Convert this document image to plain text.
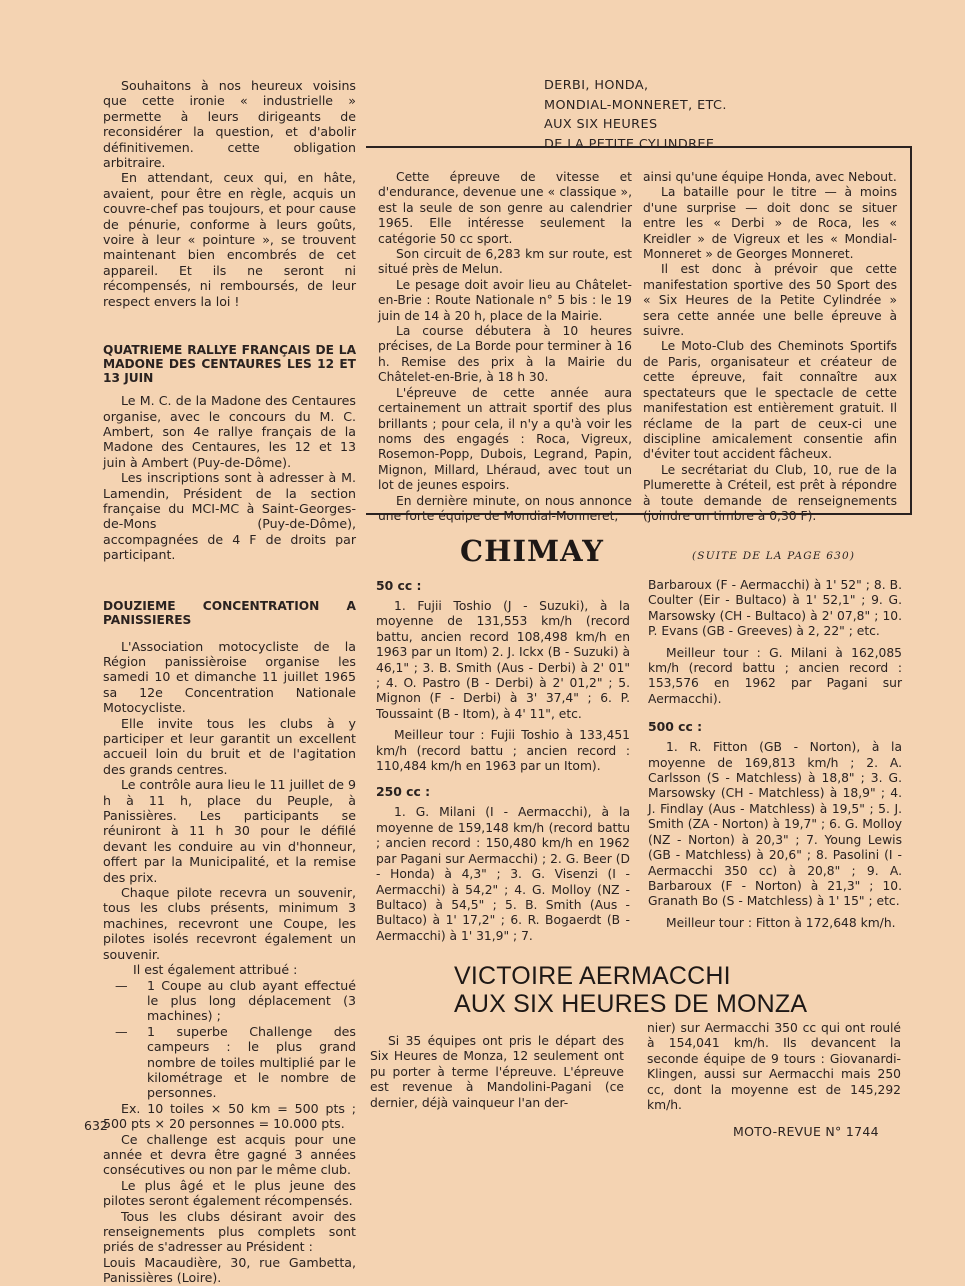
Souhaitons à nos heureux voisins que cette ironie « industrielle » permette à leurs dirigeants de reconsidérer la question, et d'abolir définitivemen. cette obligation arbitraire.

En attendant, ceux qui, en hâte, avaient, pour être en règle, acquis un couvre-chef pas toujours, et pour cause de pénurie, conforme à leurs goûts, voire à leur « pointure », se trouvent maintenant bien encombrés de cet appareil. Et ils ne seront ni récompensés, ni remboursés, de leur respect envers la loi !

QUATRIEME RALLYE FRANÇAIS DE LA MADONE DES CENTAURES LES 12 ET 13 JUIN

Le M. C. de la Madone des Centaures organise, avec le concours du M. C. Ambert, son 4e rallye français de la Madone des Centaures, les 12 et 13 juin à Ambert (Puy-de-Dôme).

Les inscriptions sont à adresser à M. Lamendin, Président de la section française du MCI-MC à Saint-Georges-de-Mons (Puy-de-Dôme), accompagnées de 4 F de droits par participant.

DOUZIEME CONCENTRATION A PANISSIERES

L'Association motocycliste de la Région panissièroise organise les samedi 10 et dimanche 11 juillet 1965 sa 12e Concentration Nationale Motocycliste.

Elle invite tous les clubs à y participer et leur garantit un excellent accueil loin du bruit et de l'agitation des grands centres.

Le contrôle aura lieu le 11 juillet de 9 h à 11 h, place du Peuple, à Panissières. Les participants se réuniront à 11 h 30 pour le défilé devant les conduire au vin d'honneur, offert par la Municipalité, et la remise des prix.

Chaque pilote recevra un souvenir, tous les clubs présents, minimum 3 machines, recevront une Coupe, les pilotes isolés recevront également un souvenir.

Il est également attribué :

— 1 Coupe au club ayant effectué le plus long déplacement (3 machines) ;
— 1 superbe Challenge des campeurs : le plus grand nombre de toiles multiplié par le kilométrage et le nombre de personnes.

Ex. 10 toiles × 50 km = 500 pts ; 500 pts × 20 personnes = 10.000 pts.

Ce challenge est acquis pour une année et devra être gagné 3 années consécutives ou non par le même club.

Le plus âgé et le plus jeune des pilotes seront également récompensés.

Tous les clubs désirant avoir des renseignements plus complets sont priés de s'adresser au Président :

Louis Macaudière, 30, rue Gambetta, Panissières (Loire).

DERBI, HONDA,
MONDIAL-MONNERET, ETC.
AUX SIX HEURES
DE LA PETITE CYLINDREE

Cette épreuve de vitesse et d'endurance, devenue une « classique », est la seule de son genre au calendrier 1965. Elle intéresse seulement la catégorie 50 cc sport.

Son circuit de 6,283 km sur route, est situé près de Melun.

Le pesage doit avoir lieu au Châtelet-en-Brie : Route Nationale n° 5 bis : le 19 juin de 14 à 20 h, place de la Mairie.

La course débutera à 10 heures précises, de La Borde pour terminer à 16 h. Remise des prix à la Mairie du Châtelet-en-Brie, à 18 h 30.

L'épreuve de cette année aura certainement un attrait sportif des plus brillants ; pour cela, il n'y a qu'à voir les noms des engagés : Roca, Vigreux, Rosemon-Popp, Dubois, Legrand, Papin, Mignon, Millard, Lhéraud, avec tout un lot de jeunes espoirs.

En dernière minute, on nous annonce une forte équipe de Mondial-Monneret,

ainsi qu'une équipe Honda, avec Nebout.

La bataille pour le titre — à moins d'une surprise — doit donc se situer entre les « Derbi » de Roca, les « Kreidler » de Vigreux et les « Mondial-Monneret » de Georges Monneret.

Il est donc à prévoir que cette manifestation sportive des 50 Sport des « Six Heures de la Petite Cylindrée » sera cette année une belle épreuve à suivre.

Le Moto-Club des Cheminots Sportifs de Paris, organisateur et créateur de cette épreuve, fait connaître aux spectateurs que le spectacle de cette manifestation est entièrement gratuit. Il réclame de la part de ceux-ci une discipline amicalement consentie afin d'éviter tout accident fâcheux.

Le secrétariat du Club, 10, rue de la Plumerette à Créteil, est prêt à répondre à toute demande de renseignements (joindre un timbre à 0,30 F).

CHIMAY	(SUITE DE LA PAGE 630)

50 cc :

1. Fujii Toshio (J - Suzuki), à la moyenne de 131,553 km/h (record battu, ancien record 108,498 km/h en 1963 par un Itom) 2. J. Ickx (B - Suzuki) à 46,1" ; 3. B. Smith (Aus - Derbi) à 2' 01" ; 4. O. Pastro (B - Derbi) à 2' 01,2" ; 5. Mignon (F - Derbi) à 3' 37,4" ; 6. P. Toussaint (B - Itom), à 4' 11", etc.

Meilleur tour : Fujii Toshio à 133,451 km/h (record battu ; ancien record : 110,484 km/h en 1963 par un Itom).

250 cc :

1. G. Milani (I - Aermacchi), à la moyenne de 159,148 km/h (record battu ; ancien record : 150,480 km/h en 1962 par Pagani sur Aermacchi) ; 2. G. Beer (D - Honda) à 4,3" ; 3. G. Visenzi (I - Aermacchi) à 54,2" ; 4. G. Molloy (NZ - Bultaco) à 54,5" ; 5. B. Smith (Aus - Bultaco) à 1' 17,2" ; 6. R. Bogaerdt (B - Aermacchi) à 1' 31,9" ; 7.

Barbaroux (F - Aermacchi) à 1' 52" ; 8. B. Coulter (Eir - Bultaco) à 1' 52,1" ; 9. G. Marsowsky (CH - Bultaco) à 2' 07,8" ; 10. P. Evans (GB - Greeves) à 2, 22" ; etc.

Meilleur tour : G. Milani à 162,085 km/h (record battu ; ancien record : 153,576 en 1962 par Pagani sur Aermacchi).

500 cc :

1. R. Fitton (GB - Norton), à la moyenne de 169,813 km/h ; 2. A. Carlsson (S - Matchless) à 18,8" ; 3. G. Marsowsky (CH - Matchless) à 18,9" ; 4. J. Findlay (Aus - Matchless) à 19,5" ; 5. J. Smith (ZA - Norton) à 19,7" ; 6. G. Molloy (NZ - Norton) à 20,3" ; 7. Young Lewis (GB - Matchless) à 20,6" ; 8. Pasolini (I - Aermacchi 350 cc) à 20,8" ; 9. A. Barbaroux (F - Norton) à 21,3" ; 10. Granath Bo (S - Matchless) à 1' 15" ; etc.

Meilleur tour : Fitton à 172,648 km/h.

VICTOIRE AERMACCHI
AUX SIX HEURES DE MONZA

Si 35 équipes ont pris le départ des Six Heures de Monza, 12 seulement ont pu porter à terme l'épreuve. L'épreuve est revenue à Mandolini-Pagani (ce dernier, déjà vainqueur l'an der-

nier) sur Aermacchi 350 cc qui ont roulé à 154,041 km/h. Ils devancent la seconde équipe de 9 tours : Giovanardi-Klingen, aussi sur Aermacchi mais 250 cc, dont la moyenne est de 145,292 km/h.

632	MOTO-REVUE N° 1744
